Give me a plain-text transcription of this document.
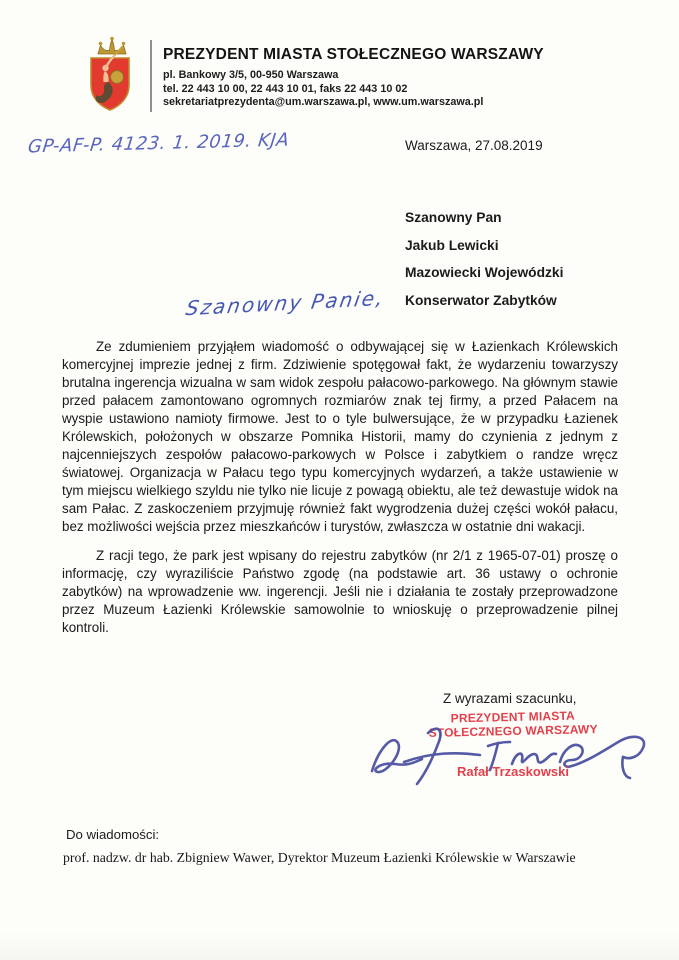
PREZYDENT MIASTA STOŁECZNEGO WARSZAWY
pl. Bankowy 3/5, 00-950 Warszawa
tel. 22 443 10 00, 22 443 10 01, faks 22 443 10 02
sekretariatprezydenta@um.warszawa.pl, www.um.warszawa.pl
GP-AF-P. 4123. 1. 2019. KJA	Warszawa, 27.08.2019
Szanowny Pan
Jakub Lewicki
Mazowiecki Wojewódzki
Konserwator Zabytków
Szanowny Panie,

Ze zdumieniem przyjąłem wiadomość o odbywającej się w Łazienkach Królewskich komercyjnej imprezie jednej z firm. Zdziwienie spotęgował fakt, że wydarzeniu towarzyszy brutalna ingerencja wizualna w sam widok zespołu pałacowo-parkowego. Na głównym stawie przed pałacem zamontowano ogromnych rozmiarów znak tej firmy, a przed Pałacem na wyspie ustawiono namioty firmowe. Jest to o tyle bulwersujące, że w przypadku Łazienek Królewskich, położonych w obszarze Pomnika Historii, mamy do czynienia z jednym z najcenniejszych zespołów pałacowo-parkowych w Polsce i zabytkiem o randze wręcz światowej. Organizacja w Pałacu tego typu komercyjnych wydarzeń, a także ustawienie w tym miejscu wielkiego szyldu nie tylko nie licuje z powagą obiektu, ale też dewastuje widok na sam Pałac. Z zaskoczeniem przyjmuję również fakt wygrodzenia dużej części wokół pałacu, bez możliwości wejścia przez mieszkańców i turystów, zwłaszcza w ostatnie dni wakacji.

Z racji tego, że park jest wpisany do rejestru zabytków (nr 2/1 z 1965-07-01) proszę o informację, czy wyraziliście Państwo zgodę (na podstawie art. 36 ustawy o ochronie zabytków) na wprowadzenie ww. ingerencji. Jeśli nie i działania te zostały przeprowadzone przez Muzeum Łazienki Królewskie samowolnie to wnioskuję o przeprowadzenie pilnej kontroli.

Z wyrazami szacunku,
PREZYDENT MIASTA
STOŁECZNEGO WARSZAWY
Rafał Trzaskowski
Do wiadomości:
prof. nadzw. dr hab. Zbigniew Wawer, Dyrektor Muzeum Łazienki Królewskie w Warszawie
